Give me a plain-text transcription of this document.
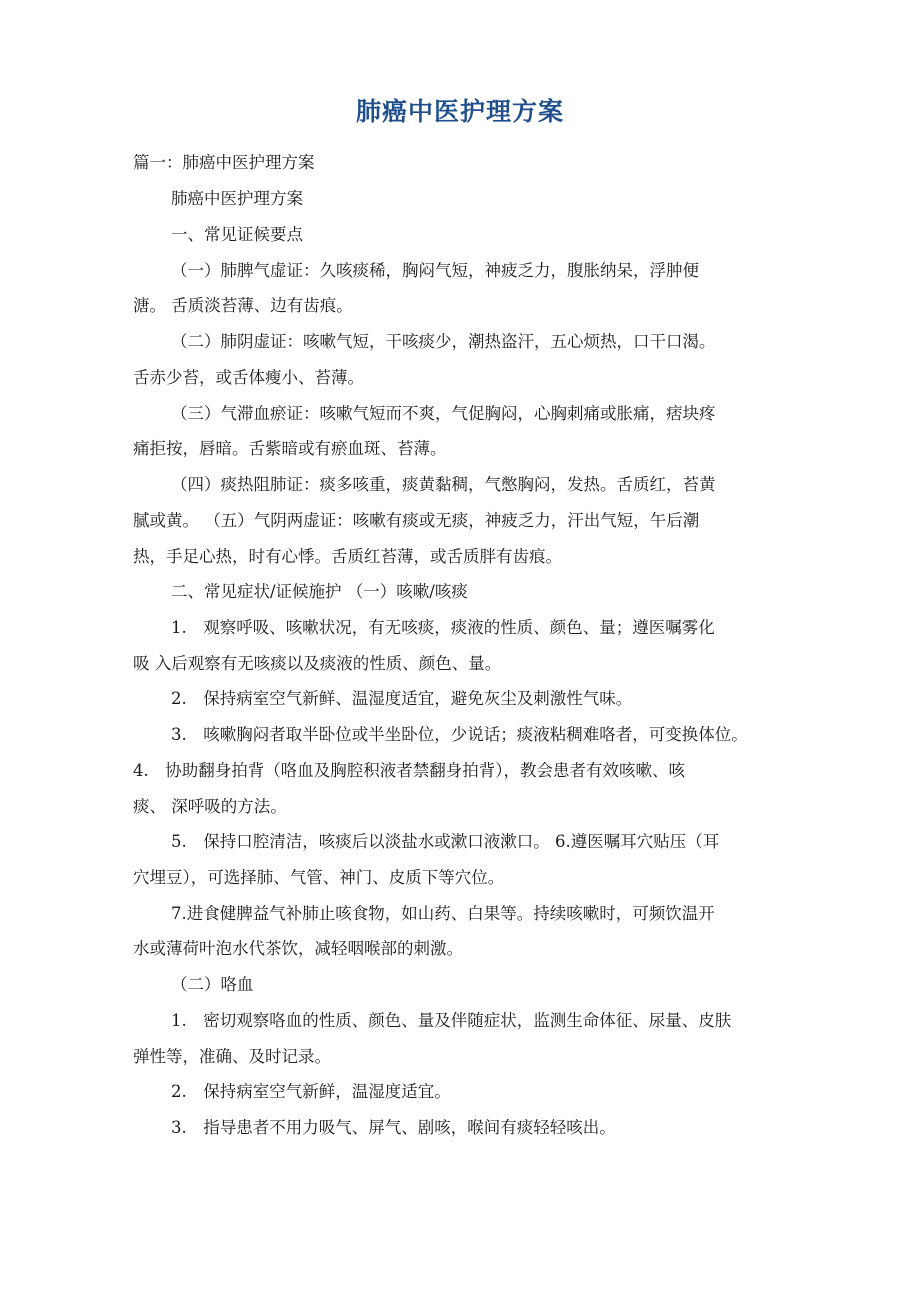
肺癌中医护理方案
篇一：肺癌中医护理方案
肺癌中医护理方案
一、常见证候要点
（一）肺脾气虚证：久咳痰稀，胸闷气短，神疲乏力，腹胀纳呆，浮肿便
溏。 舌质淡苔薄、边有齿痕。
（二）肺阴虚证：咳嗽气短，干咳痰少，潮热盗汗，五心烦热，口干口渴。
舌赤少苔，或舌体瘦小、苔薄。
（三）气滞血瘀证：咳嗽气短而不爽，气促胸闷，心胸刺痛或胀痛，痞块疼
痛拒按，唇暗。舌紫暗或有瘀血斑、苔薄。
（四）痰热阻肺证：痰多咳重，痰黄黏稠，气憋胸闷，发热。舌质红，苔黄
腻或黄。 （五）气阴两虚证：咳嗽有痰或无痰，神疲乏力，汗出气短，午后潮
热，手足心热，时有心悸。舌质红苔薄，或舌质胖有齿痕。
二、常见症状/证候施护 （一）咳嗽/咳痰
1.　观察呼吸、咳嗽状况，有无咳痰，痰液的性质、颜色、量；遵医嘱雾化
吸 入后观察有无咳痰以及痰液的性质、颜色、量。
2.　保持病室空气新鲜、温湿度适宜，避免灰尘及刺激性气味。
3.　咳嗽胸闷者取半卧位或半坐卧位，少说话；痰液粘稠难咯者，可变换体位。
4.　协助翻身拍背（咯血及胸腔积液者禁翻身拍背），教会患者有效咳嗽、咳
痰、 深呼吸的方法。
5.　保持口腔清洁，咳痰后以淡盐水或漱口液漱口。 6.遵医嘱耳穴贴压（耳
穴埋豆），可选择肺、气管、神门、皮质下等穴位。
7.进食健脾益气补肺止咳食物，如山药、白果等。持续咳嗽时，可频饮温开
水或薄荷叶泡水代茶饮，减轻咽喉部的刺激。
（二）咯血
1.　密切观察咯血的性质、颜色、量及伴随症状，监测生命体征、尿量、皮肤
弹性等，准确、及时记录。
2.　保持病室空气新鲜，温湿度适宜。
3.　指导患者不用力吸气、屏气、剧咳，喉间有痰轻轻咳出。
